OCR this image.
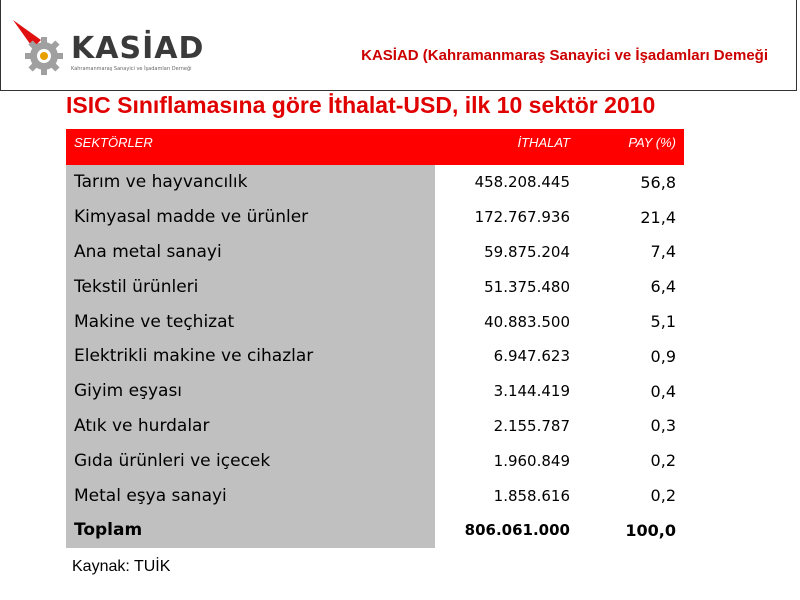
KASİAD
Kahramanmaraş Sanayici ve İşadamları Derneği
KASİAD (Kahramanmaraş Sanayici ve İşadamları Demeği
ISIC Sınıflamasına göre İthalat-USD, ilk 10 sektör 2010
SEKTÖRLER	İTHALAT	PAY (%)
Tarım ve hayvancılık	458.208.445	56,8
Kimyasal madde ve ürünler	172.767.936	21,4
Ana metal sanayi	59.875.204	7,4
Tekstil ürünleri	51.375.480	6,4
Makine ve teçhizat	40.883.500	5,1
Elektrikli makine ve cihazlar	6.947.623	0,9
Giyim eşyası	3.144.419	0,4
Atık ve hurdalar	2.155.787	0,3
Gıda ürünleri ve içecek	1.960.849	0,2
Metal eşya sanayi	1.858.616	0,2
Toplam	806.061.000	100,0
Kaynak: TUİK
